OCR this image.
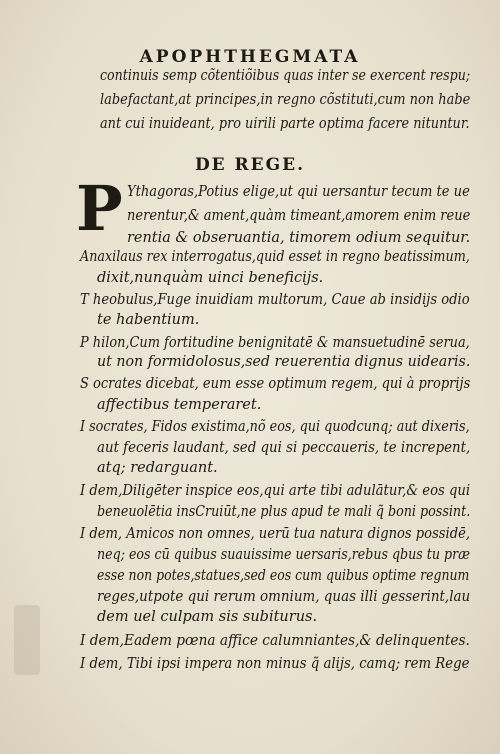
APOPHTHEGMATA
continuis semp cõtentiõibus quas inter se exercent respu;
labefactant,at principes,in regno cõstituti,cum non habe
ant cui inuideant, pro uirili parte optima facere nituntur.
DE REGE.
P Ythagoras,Potius elige,ut qui uersantur tecum te ue
nerentur,& ament,quàm timeant,amorem enim reue
rentia & obseruantia, timorem odium sequitur.
Anaxilaus rex interrogatus,quid esset in regno beatissimum,
dixit,nunquàm uinci beneficijs.
T heobulus,Fuge inuidiam multorum, Caue ab insidijs odio
te habentium.
P hilon,Cum fortitudine benignitatē & mansuetudinē serua,
ut non formidolosus,sed reuerentia dignus uidearis.
S ocrates dicebat, eum esse optimum regem, qui à proprijs
affectibus temperaret.
I socrates, Fidos existima,nõ eos, qui quodcunq; aut dixeris,
aut feceris laudant, sed qui si peccaueris, te increpent,
atq; redarguant.
I dem,Diligēter inspice eos,qui arte tibi adulātur,& eos qui
beneuolētia insCruiūt,ne plus apud te mali q̃ boni possint.
I dem, Amicos non omnes, uerū tua natura dignos possidē,
neq; eos cū quibus suauissime uersaris,rebus qbus tu præ
esse non potes,statues,sed eos cum quibus optime regnum
reges,utpote qui rerum omnium, quas illi gesserint,lau
dem uel culpam sis subiturus.
I dem,Eadem pœna affice calumniantes,& delinquentes.
I dem, Tibi ipsi impera non minus q̃ alijs, camq; rem Rege
